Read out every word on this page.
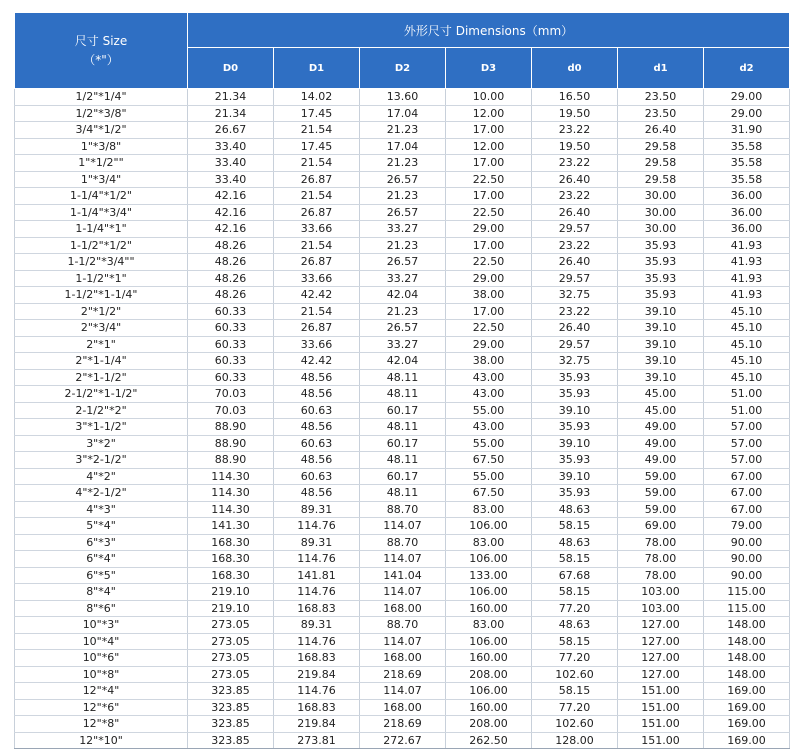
尺寸 Size
（*"）	外形尺寸 Dimensions（mm）						
	D0	D1	D2	D3	d0	d1	d2
1/2"*1/4"	21.34	14.02	13.60	10.00	16.50	23.50	29.00
1/2"*3/8"	21.34	17.45	17.04	12.00	19.50	23.50	29.00
3/4"*1/2"	26.67	21.54	21.23	17.00	23.22	26.40	31.90
1"*3/8"	33.40	17.45	17.04	12.00	19.50	29.58	35.58
1"*1/2""	33.40	21.54	21.23	17.00	23.22	29.58	35.58
1"*3/4"	33.40	26.87	26.57	22.50	26.40	29.58	35.58
1-1/4"*1/2"	42.16	21.54	21.23	17.00	23.22	30.00	36.00
1-1/4"*3/4"	42.16	26.87	26.57	22.50	26.40	30.00	36.00
1-1/4"*1"	42.16	33.66	33.27	29.00	29.57	30.00	36.00
1-1/2"*1/2"	48.26	21.54	21.23	17.00	23.22	35.93	41.93
1-1/2"*3/4""	48.26	26.87	26.57	22.50	26.40	35.93	41.93
1-1/2"*1"	48.26	33.66	33.27	29.00	29.57	35.93	41.93
1-1/2"*1-1/4"	48.26	42.42	42.04	38.00	32.75	35.93	41.93
2"*1/2"	60.33	21.54	21.23	17.00	23.22	39.10	45.10
2"*3/4"	60.33	26.87	26.57	22.50	26.40	39.10	45.10
2"*1"	60.33	33.66	33.27	29.00	29.57	39.10	45.10
2"*1-1/4"	60.33	42.42	42.04	38.00	32.75	39.10	45.10
2"*1-1/2"	60.33	48.56	48.11	43.00	35.93	39.10	45.10
2-1/2"*1-1/2"	70.03	48.56	48.11	43.00	35.93	45.00	51.00
2-1/2"*2"	70.03	60.63	60.17	55.00	39.10	45.00	51.00
3"*1-1/2"	88.90	48.56	48.11	43.00	35.93	49.00	57.00
3"*2"	88.90	60.63	60.17	55.00	39.10	49.00	57.00
3"*2-1/2"	88.90	48.56	48.11	67.50	35.93	49.00	57.00
4"*2"	114.30	60.63	60.17	55.00	39.10	59.00	67.00
4"*2-1/2"	114.30	48.56	48.11	67.50	35.93	59.00	67.00
4"*3"	114.30	89.31	88.70	83.00	48.63	59.00	67.00
5"*4"	141.30	114.76	114.07	106.00	58.15	69.00	79.00
6"*3"	168.30	89.31	88.70	83.00	48.63	78.00	90.00
6"*4"	168.30	114.76	114.07	106.00	58.15	78.00	90.00
6"*5"	168.30	141.81	141.04	133.00	67.68	78.00	90.00
8"*4"	219.10	114.76	114.07	106.00	58.15	103.00	115.00
8"*6"	219.10	168.83	168.00	160.00	77.20	103.00	115.00
10"*3"	273.05	89.31	88.70	83.00	48.63	127.00	148.00
10"*4"	273.05	114.76	114.07	106.00	58.15	127.00	148.00
10"*6"	273.05	168.83	168.00	160.00	77.20	127.00	148.00
10"*8"	273.05	219.84	218.69	208.00	102.60	127.00	148.00
12"*4"	323.85	114.76	114.07	106.00	58.15	151.00	169.00
12"*6"	323.85	168.83	168.00	160.00	77.20	151.00	169.00
12"*8"	323.85	219.84	218.69	208.00	102.60	151.00	169.00
12"*10"	323.85	273.81	272.67	262.50	128.00	151.00	169.00
